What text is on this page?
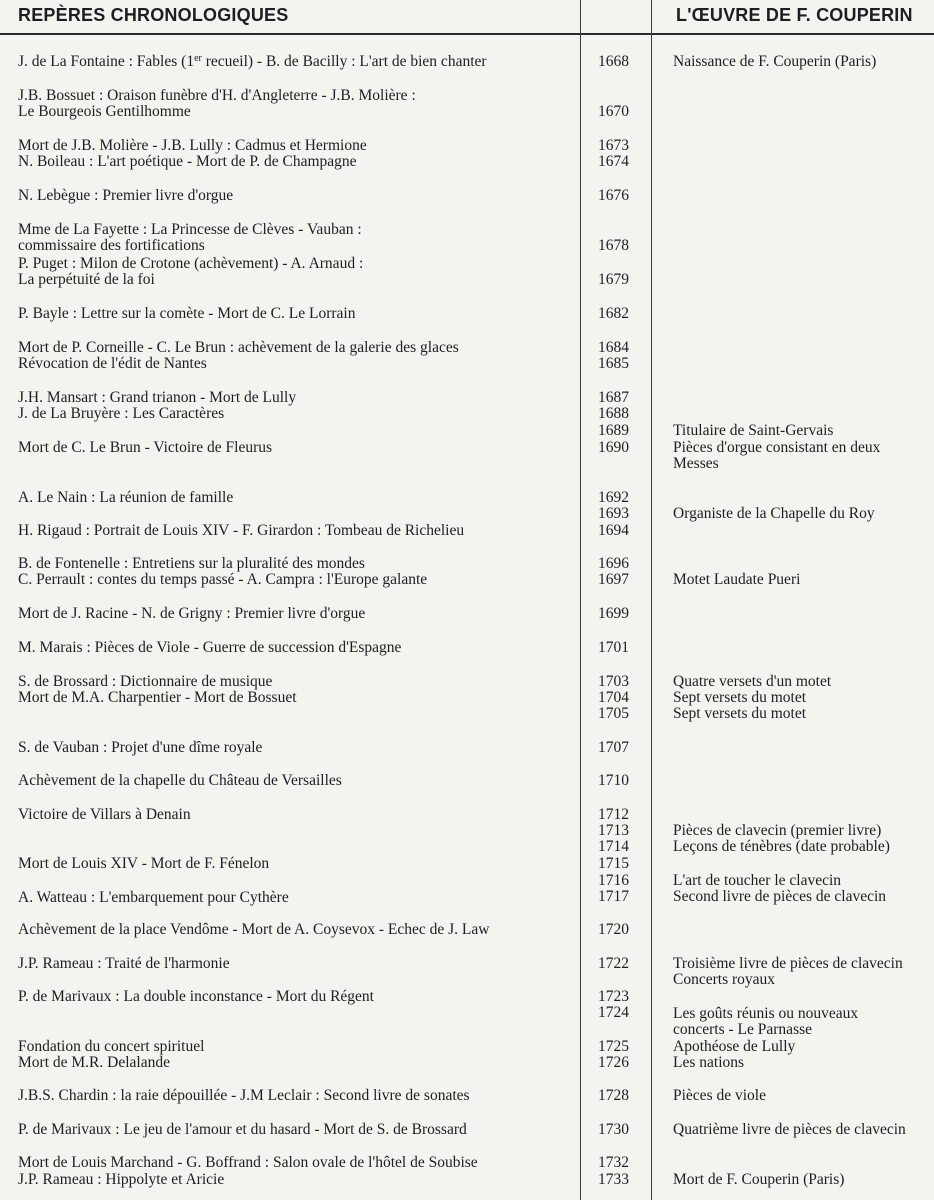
REPÈRES CHRONOLOGIQUES	L'ŒUVRE DE F. COUPERIN
J. de La Fontaine : Fables (1er recueil) - B. de Bacilly : L'art de bien chanter
J.B. Bossuet : Oraison funèbre d'H. d'Angleterre - J.B. Molière :
Le Bourgeois Gentilhomme
Mort de J.B. Molière - J.B. Lully : Cadmus et Hermione
N. Boileau : L'art poétique - Mort de P. de Champagne
N. Lebègue : Premier livre d'orgue
Mme de La Fayette : La Princesse de Clèves - Vauban :
commissaire des fortifications
P. Puget : Milon de Crotone (achèvement) - A. Arnaud :
La perpétuité de la foi
P. Bayle : Lettre sur la comète - Mort de C. Le Lorrain
Mort de P. Corneille - C. Le Brun : achèvement de la galerie des glaces
Révocation de l'édit de Nantes
J.H. Mansart : Grand trianon - Mort de Lully
J. de La Bruyère : Les Caractères
Mort de C. Le Brun - Victoire de Fleurus
A. Le Nain : La réunion de famille
H. Rigaud : Portrait de Louis XIV - F. Girardon : Tombeau de Richelieu
B. de Fontenelle : Entretiens sur la pluralité des mondes
C. Perrault : contes du temps passé - A. Campra : l'Europe galante
Mort de J. Racine - N. de Grigny : Premier livre d'orgue
M. Marais : Pièces de Viole - Guerre de succession d'Espagne
S. de Brossard : Dictionnaire de musique
Mort de M.A. Charpentier - Mort de Bossuet
S. de Vauban : Projet d'une dîme royale
Achèvement de la chapelle du Château de Versailles
Victoire de Villars à Denain
Mort de Louis XIV - Mort de F. Fénelon
A. Watteau : L'embarquement pour Cythère
Achèvement de la place Vendôme - Mort de A. Coysevox - Echec de J. Law
J.P. Rameau : Traité de l'harmonie
P. de Marivaux : La double inconstance - Mort du Régent
Fondation du concert spirituel
Mort de M.R. Delalande
J.B.S. Chardin : la raie dépouillée - J.M Leclair : Second livre de sonates
P. de Marivaux : Le jeu de l'amour et du hasard - Mort de S. de Brossard
Mort de Louis Marchand - G. Boffrand : Salon ovale de l'hôtel de Soubise
J.P. Rameau : Hippolyte et Aricie
1668
1670
1673
1674
1676
1678
1679
1682
1684
1685
1687
1688
1689
1690
1692
1693
1694
1696
1697
1699
1701
1703
1704
1705
1707
1710
1712
1713
1714
1715
1716
1717
1720
1722
1723
1724
1725
1726
1728
1730
1732
1733
Naissance de F. Couperin (Paris)
Titulaire de Saint-Gervais
Pièces d'orgue consistant en deux
Messes
Organiste de la Chapelle du Roy
Motet Laudate Pueri
Quatre versets d'un motet
Sept versets du motet
Sept versets du motet
Pièces de clavecin (premier livre)
Leçons de ténèbres (date probable)
L'art de toucher le clavecin
Second livre de pièces de clavecin
Troisième livre de pièces de clavecin
Concerts royaux
Les goûts réunis ou nouveaux
concerts - Le Parnasse
Apothéose de Lully
Les nations
Pièces de viole
Quatrième livre de pièces de clavecin
Mort de F. Couperin (Paris)
